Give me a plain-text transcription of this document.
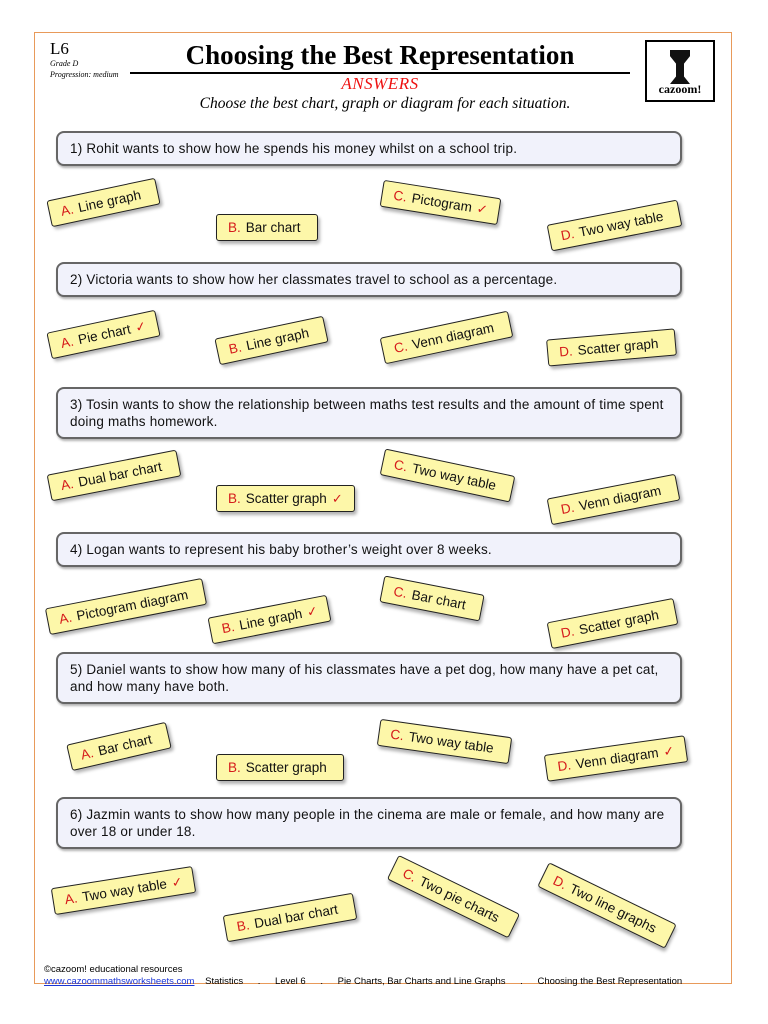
L6
Grade D
Progression: medium
Choosing the Best Representation
ANSWERS
Choose the best chart, graph or diagram for each situation.
cazoom!
1) Rohit wants to show how he spends his money whilst on a school trip.
A. Line graph
B. Bar chart
C. Pictogram ✓
D. Two way table
2) Victoria wants to show how her classmates travel to school as a percentage.
A. Pie chart ✓
B. Line graph	C. Venn diagram	D. Scatter graph
3) Tosin wants to show the relationship between maths test results and the amount of time spent doing maths homework.
A. Dual bar chart
B. Scatter graph ✓
C. Two way table
D. Venn diagram
4) Logan wants to represent his baby brother’s weight over 8 weeks.
A. Pictogram diagram
B. Line graph ✓
C. Bar chart
D. Scatter graph
5) Daniel wants to show how many of his classmates have a pet dog, how many have a pet cat, and how many have both.
A.Bar chart
B. Scatter graph
C. Two way table
D. Venn diagram ✓
6) Jazmin wants to show how many people in the cinema are male or female, and how many are over 18 or under 18.
A. Two way table ✓
B. Dual bar chart
C.Two pie charts	D.Two line graphs
©cazoom! educational resources
www.cazoommathsworksheets.com Statistics . Level 6 . Pie Charts, Bar Charts and Line Graphs . Choosing the Best Representation
